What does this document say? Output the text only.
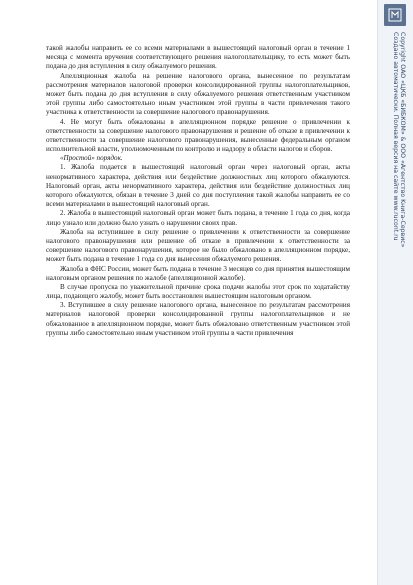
такой жалобы направить ее со всеми материалами в вышестоящий налоговый орган в течение 1 месяца с момента вручения соответствующего решения налогоплательщику, то есть может быть подана до дня вступления в силу обжалуемого решения.

Апелляционная жалоба на решение налогового органа, вынесенное по результатам рассмотрения материалов налоговой проверки консолидированной группы налогоплательщиков, может быть подана до дня вступления в силу обжалуемого решения ответственным участником этой группы либо самостоятельно иным участником этой группы в части привлечения такого участника к ответственности за совершение налогового правонарушения.

4. Не могут быть обжалованы в апелляционном порядке решение о привлечении к ответственности за совершение налогового правонарушения и решение об отказе в привлечении к ответственности за совершение налогового правонарушения, вынесенные федеральным органом исполнительной власти, уполномоченным по контролю и надзору в области налогов и сборов.

«Простой» порядок.

1. Жалоба подается в вышестоящий налоговый орган через налоговый орган, акты ненормативного характера, действия или бездействие должностных лиц которого обжалуются. Налоговый орган, акты ненормативного характера, действия или бездействие должностных лиц которого обжалуются, обязан в течение 3 дней со дня поступления такой жалобы направить ее со всеми материалами в вышестоящий налоговый орган.

2. Жалоба в вышестоящий налоговый орган может быть подана, в течение 1 года со дня, когда лицо узнало или должно было узнать о нарушении своих прав.

Жалоба на вступившее в силу решение о привлечении к ответственности за совершение налогового правонарушения или решение об отказе в привлечении к ответственности за совершение налогового правонарушения, которое не было обжаловано в апелляционном порядке, может быть подана в течение 1 года со дня вынесения обжалуемого решения.

Жалоба в ФНС России, может быть подана в течение 3 месяцев со дня принятия вышестоящим налоговым органом решения по жалобе (апелляционной жалобе).

В случае пропуска по уважительной причине срока подачи жалобы этот срок по ходатайству лица, подающего жалобу, может быть восстановлен вышестоящим налоговым органом.

3. Вступившее в силу решение налогового органа, вынесенное по результатам рассмотрения материалов налоговой проверки консолидированной группы налогоплательщиков и не обжалованное в апелляционном порядке, может быть обжаловано ответственным участником этой группы либо самостоятельно иным участником этой группы в части привлечения

Copyright ОАО «ЦКБ «БИБКОМ» & ООО «Aгентство Kнига-Cервис»
Создано автоматически. Полная версия на сайте www.rucont.ru
